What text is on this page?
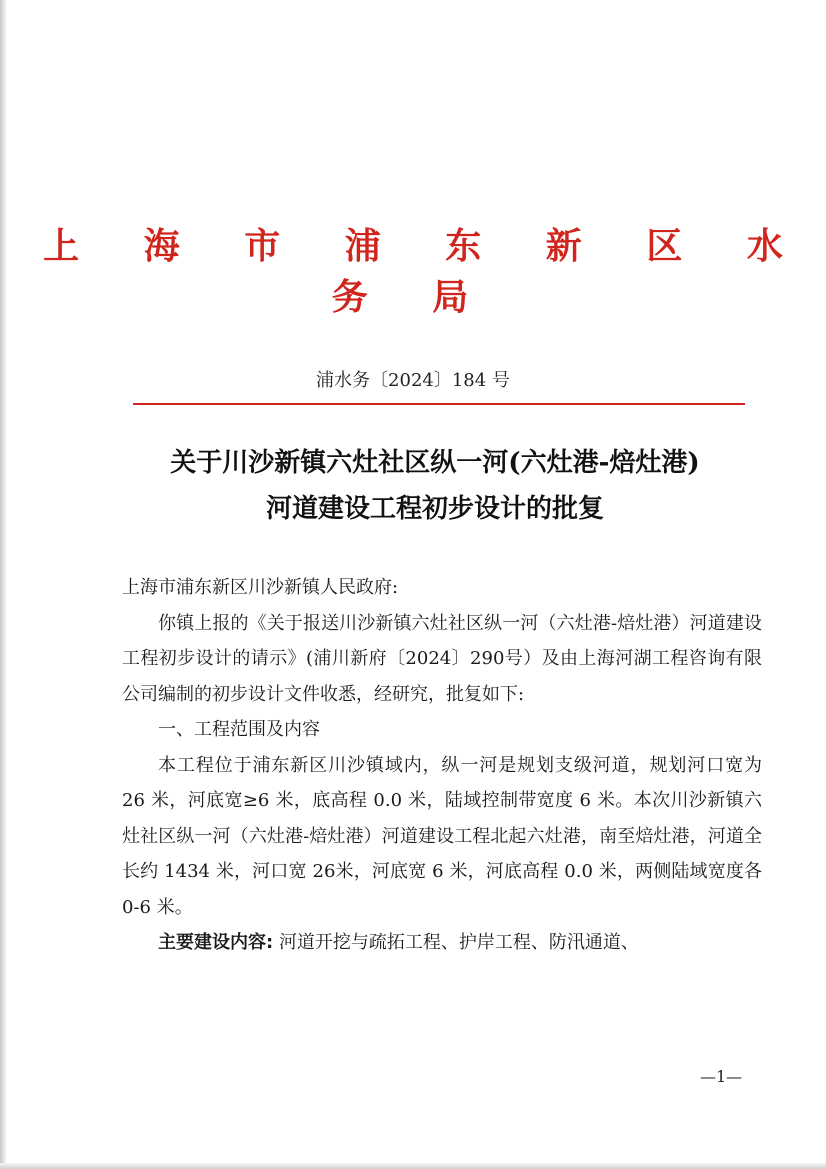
上 海 市 浦 东 新 区 水 务 局
浦水务〔2024〕184 号
关于川沙新镇六灶社区纵一河(六灶港-焙灶港)
河道建设工程初步设计的批复

上海市浦东新区川沙新镇人民政府:

你镇上报的《关于报送川沙新镇六灶社区纵一河（六灶港-焙灶港）河道建设工程初步设计的请示》(浦川新府〔2024〕290号）及由上海河湖工程咨询有限公司编制的初步设计文件收悉，经研究，批复如下:

一、工程范围及内容

本工程位于浦东新区川沙镇域内，纵一河是规划支级河道，规划河口宽为 26 米，河底宽≥6 米，底高程 0.0 米，陆域控制带宽度 6 米。本次川沙新镇六灶社区纵一河（六灶港-焙灶港）河道建设工程北起六灶港，南至焙灶港，河道全长约 1434 米，河口宽 26米，河底宽 6 米，河底高程 0.0 米，两侧陆域宽度各 0-6 米。

主要建设内容: 河道开挖与疏拓工程、护岸工程、防汛通道、

—1—
